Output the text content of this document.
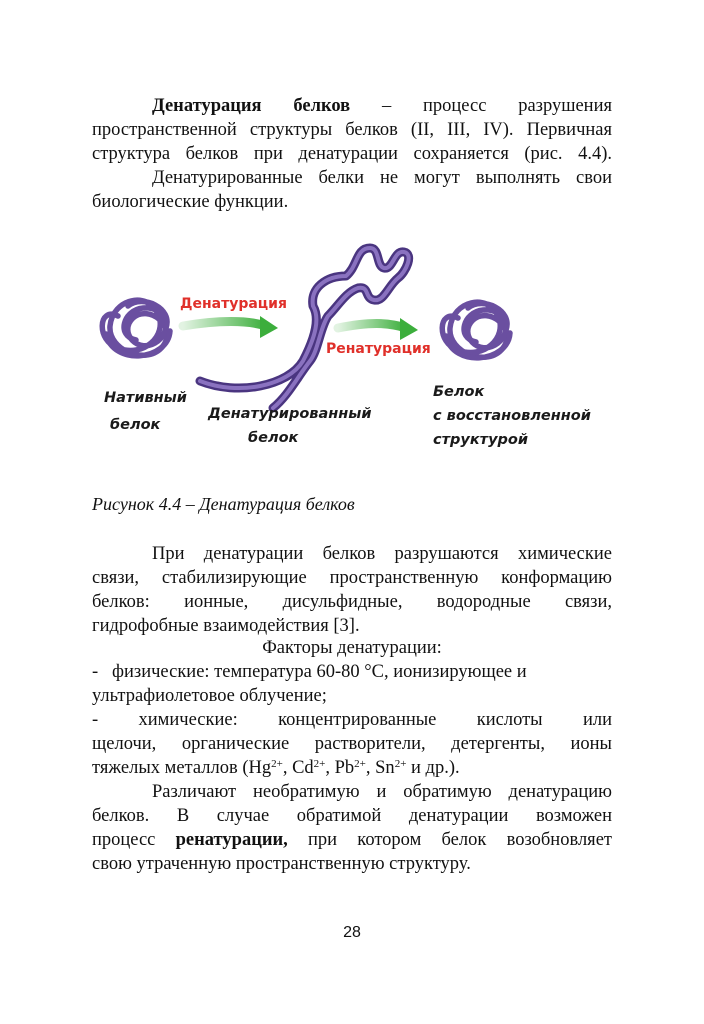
Денатурация белков – процесс разрушения
пространственной структуры белков (II, III, IV). Первичная
структура белков при денатурации сохраняется (рис. 4.4).
Денатурированные белки не могут выполнять свои
биологические функции.
Денатурация
Ренатурация
Нативный белок
Денатурированный белок
Белок с восстановленной структурой
Рисунок 4.4 – Денатурация белков
При денатурации белков разрушаются химические
связи, стабилизирующие пространственную конформацию
белков: ионные, дисульфидные, водородные связи,
гидрофобные взаимодействия [3].
Факторы денатурации:
-   физические: температура 60-80 °С, ионизирующее и
ультрафиолетовое облучение;
- химические: концентрированные кислоты или
щелочи, органические растворители, детергенты, ионы
тяжелых металлов ($Hg^{2+}$, $Cd^{2+}$, $Pb^{2+}$, $Sn^{2+}$ и др.).
Различают необратимую и обратимую денатурацию
белков. В случае обратимой денатурации возможен
процесс ренатурации, при котором белок возобновляет
свою утраченную пространственную структуру.
28
